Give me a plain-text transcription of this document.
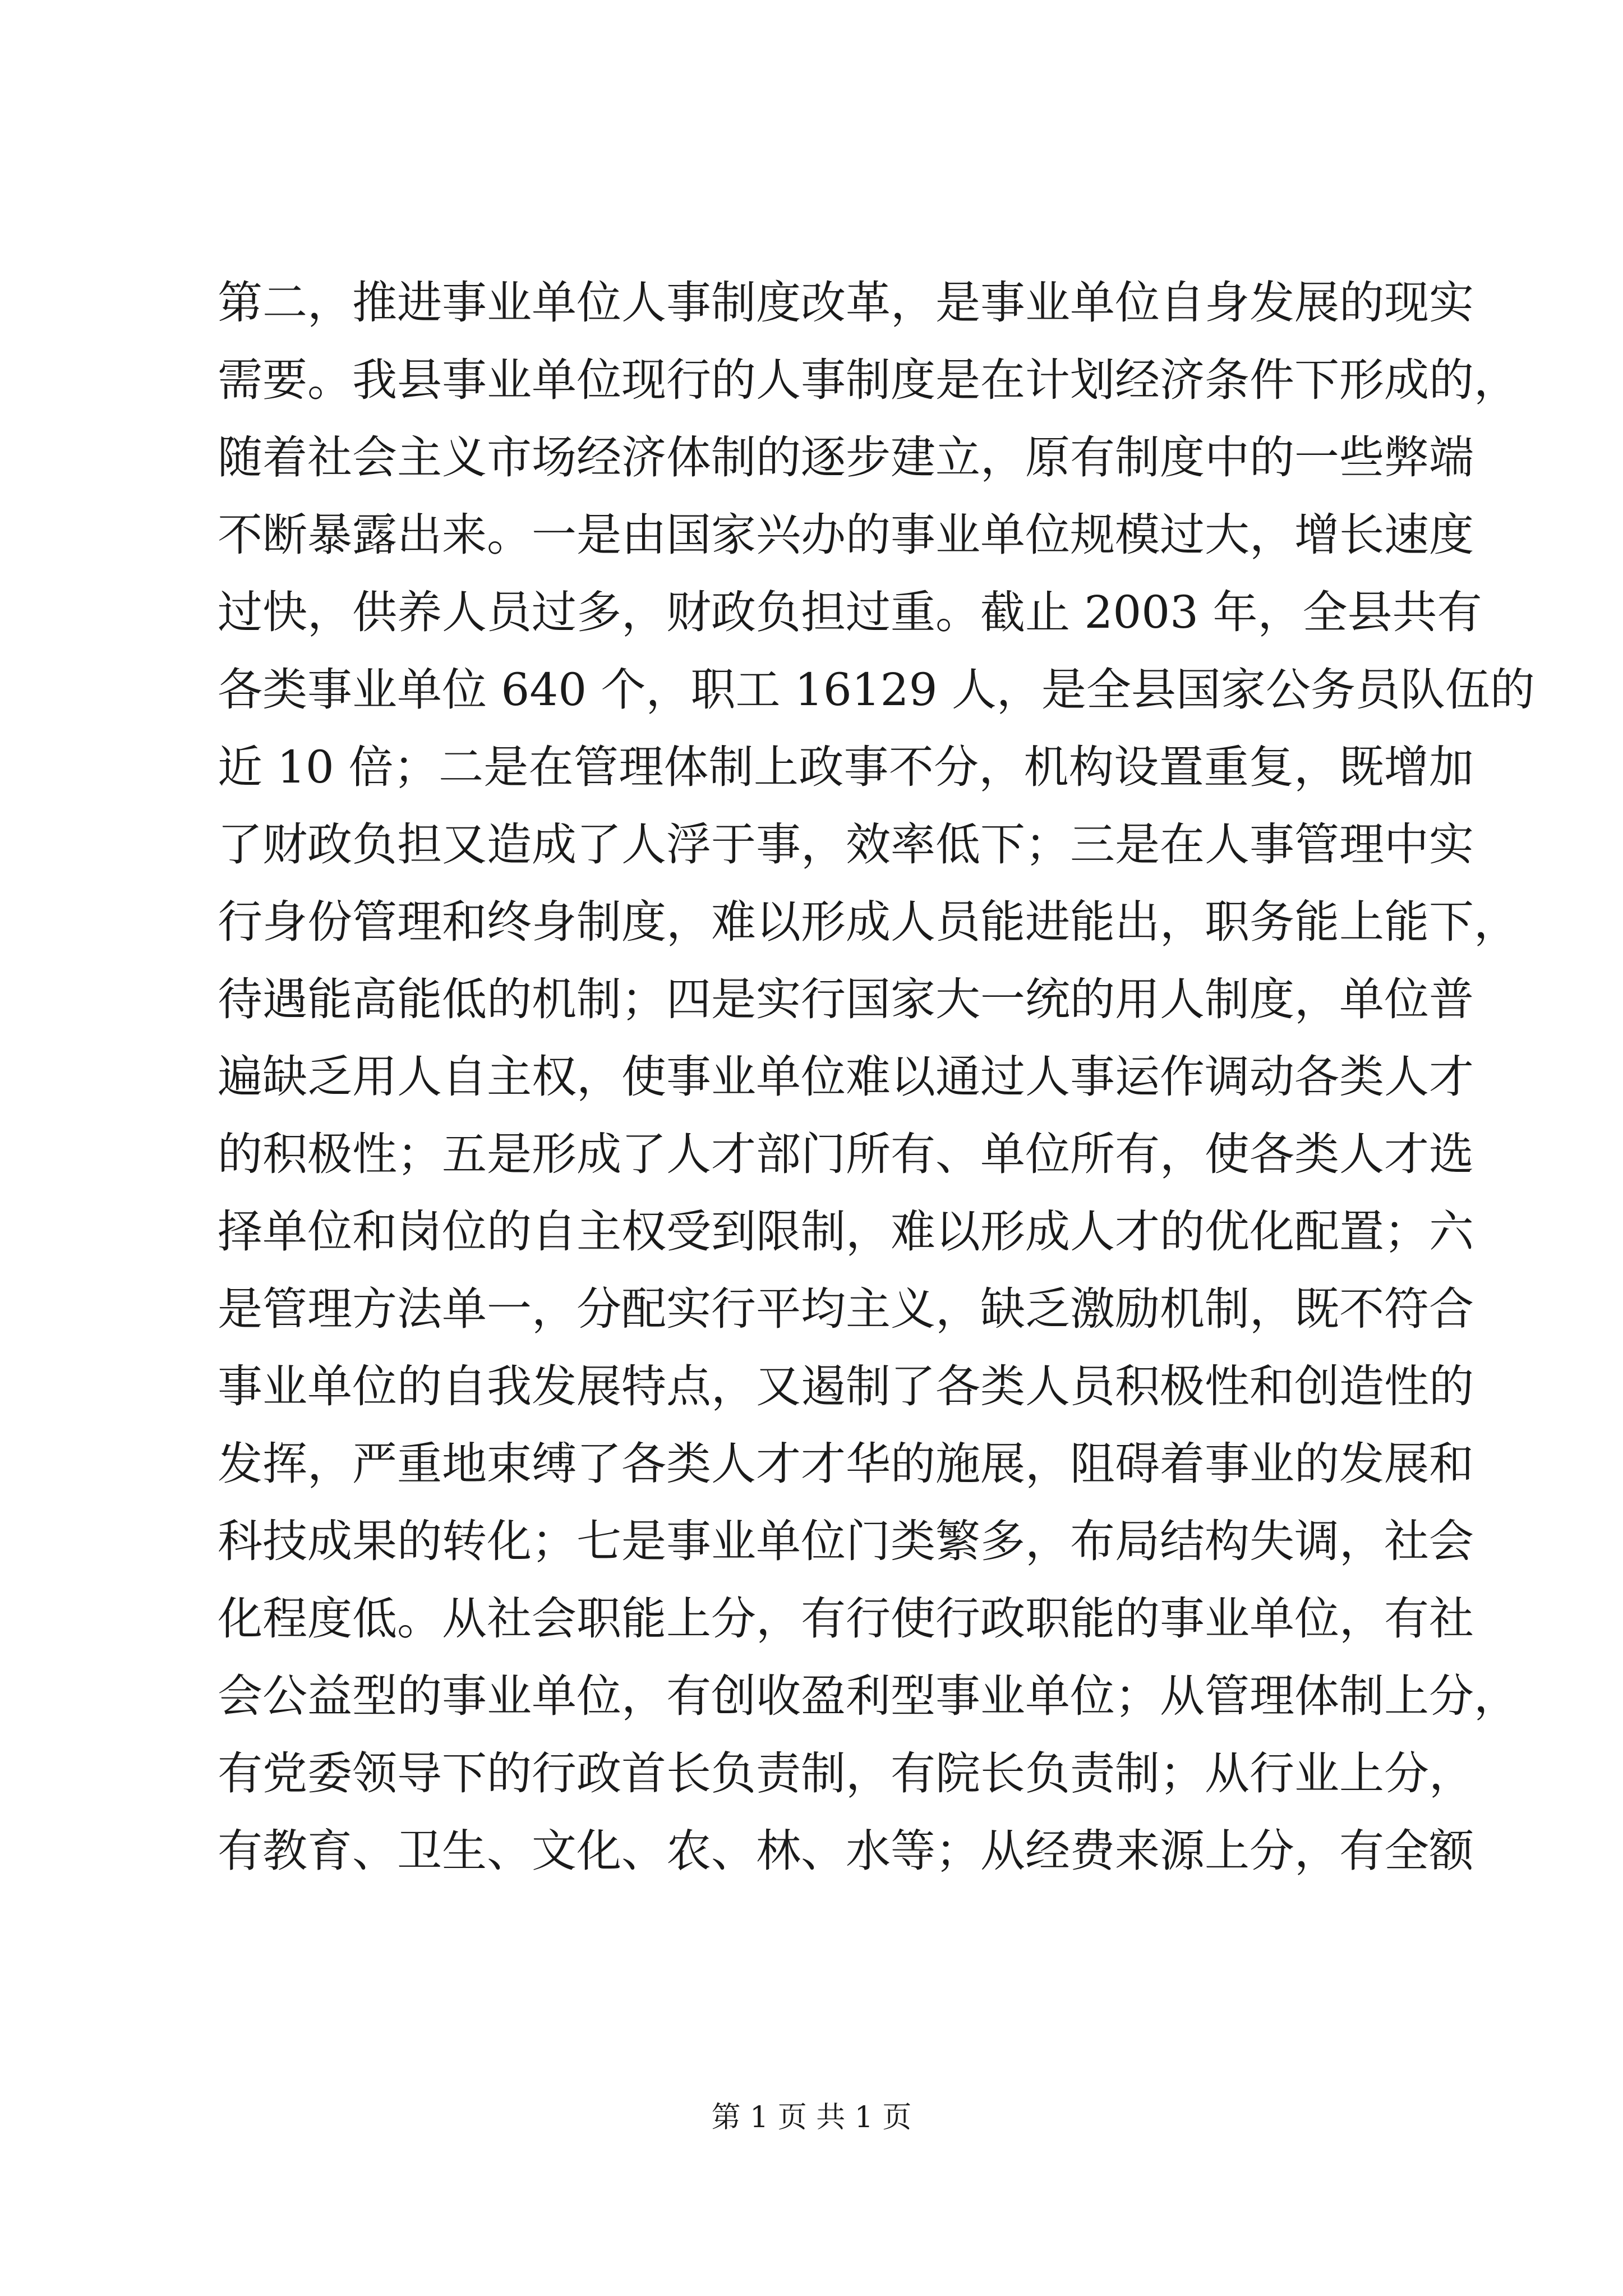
第二，推进事业单位人事制度改革，是事业单位自身发展的现实
需要。我县事业单位现行的人事制度是在计划经济条件下形成的，
随着社会主义市场经济体制的逐步建立，原有制度中的一些弊端
不断暴露出来。一是由国家兴办的事业单位规模过大，增长速度
过快，供养人员过多，财政负担过重。截止 2003 年，全县共有
各类事业单位 640 个，职工 16129 人，是全县国家公务员队伍的
近 10 倍；二是在管理体制上政事不分，机构设置重复，既增加
了财政负担又造成了人浮于事，效率低下；三是在人事管理中实
行身份管理和终身制度，难以形成人员能进能出，职务能上能下，
待遇能高能低的机制；四是实行国家大一统的用人制度，单位普
遍缺乏用人自主权，使事业单位难以通过人事运作调动各类人才
的积极性；五是形成了人才部门所有、单位所有，使各类人才选
择单位和岗位的自主权受到限制，难以形成人才的优化配置；六
是管理方法单一，分配实行平均主义，缺乏激励机制，既不符合
事业单位的自我发展特点，又遏制了各类人员积极性和创造性的
发挥，严重地束缚了各类人才才华的施展，阻碍着事业的发展和
科技成果的转化；七是事业单位门类繁多，布局结构失调，社会
化程度低。从社会职能上分，有行使行政职能的事业单位，有社
会公益型的事业单位，有创收盈利型事业单位；从管理体制上分，
有党委领导下的行政首长负责制，有院长负责制；从行业上分，
有教育、卫生、文化、农、林、水等；从经费来源上分，有全额
第 1 页 共 1 页
